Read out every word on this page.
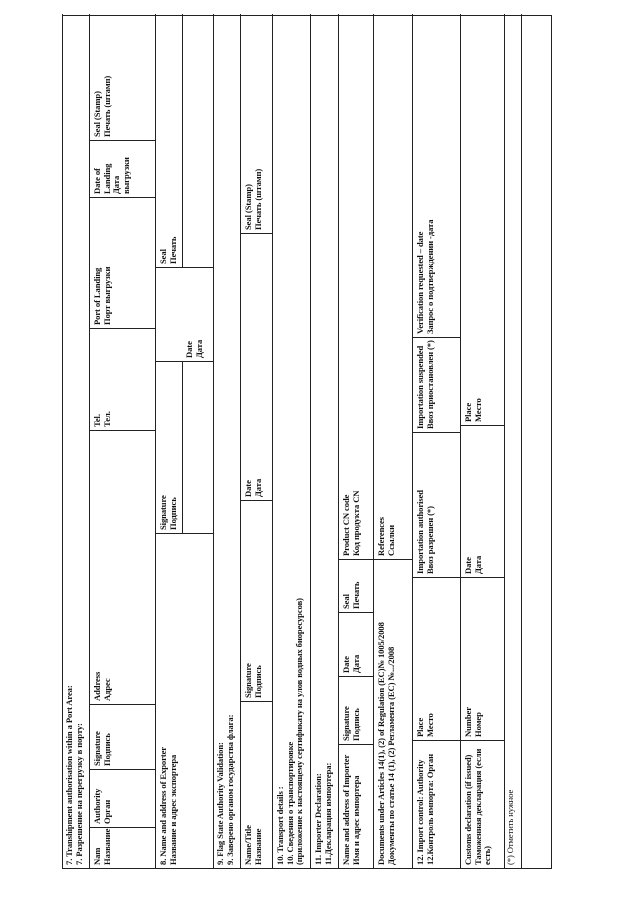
7. Transhipment authorisation within a Port Area: 7. Разрешение на перегрузку в порту: Nam Название
Authority Орган
Signature Подпись
Address Адрес
Tel. Тел.
Port of Landing Порт выгрузки
Date of Landing Дата выгрузки
Seal (Stamp) Печать (штамп)
8. Name and address of Exporter Название и адрес экспортера
Signature Подпись
Date Дата
Seal Печать
9. Flag State Authority Validation: 9. Заверено органом государства флага: Name/Title Название
Signature Подпись
Date Дата
Seal (Stamp) Печать (штамп)
10. Transport details : 10. Сведения о транспортировке (приложение к настоящему сертификату на улов водных биоресурсов) 11. Importer Declaration: 11.Декларация импортера: Name and address of Importer Имя и адрес импортера
Signature Подпись
Date Дата
Seal Печать
Product CN code Код продукта CN
Documents under Articles 14(1), (2) of Regulation (EC)№ 1005/2008 Документы по статье 14 (1), (2) Регламента (ЕС) №.../2008
References Ссылки
12. Import control: Authority 12.Контроль импорта: Орган
Place Место
Importation authorised Ввоз разрешен (*)
Importation suspended Ввоз приостановлен (*)
Verification requested – date Запрос о подтверждении -дата
Customs declaration (if issued) Таможенная декларация (если есть)
Number Номер
Date Дата
Place Место
(*) Отметить нужное
